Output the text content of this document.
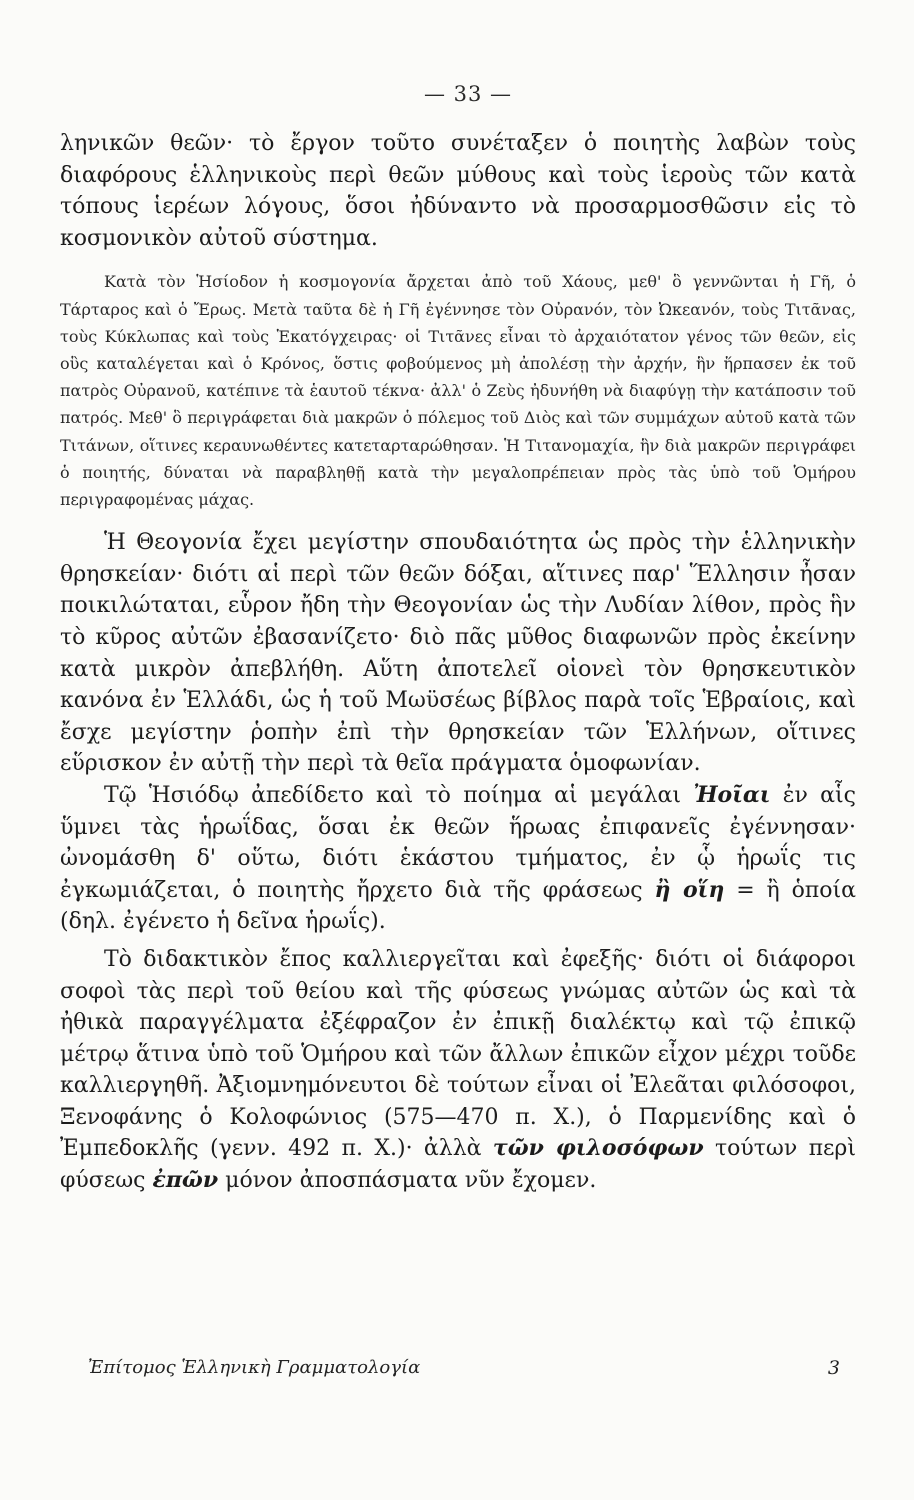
— 33 —

ληνικῶν θεῶν· τὸ ἔργον τοῦτο συνέταξεν ὁ ποιητὴς λαβὼν τοὺς διαφόρους ἑλληνικοὺς περὶ θεῶν μύθους καὶ τοὺς ἱεροὺς τῶν κατὰ τόπους ἱερέων λόγους, ὅσοι ἠδύναντο νὰ προσαρμοσθῶσιν εἰς τὸ κοσμονικὸν αὐτοῦ σύστημα.

Κατὰ τὸν Ἡσίοδον ἡ κοσμογονία ἄρχεται ἀπὸ τοῦ Χάους, μεθ' ὃ γεννῶνται ἡ Γῆ, ὁ Τάρταρος καὶ ὁ Ἔρως. Μετὰ ταῦτα δὲ ἡ Γῆ ἐγέννησε τὸν Οὐρανόν, τὸν Ὠκεανόν, τοὺς Τιτᾶνας, τοὺς Κύκλωπας καὶ τοὺς Ἑκατόγχειρας· οἱ Τιτᾶνες εἶναι τὸ ἀρχαιότατον γένος τῶν θεῶν, εἰς οὓς καταλέγεται καὶ ὁ Κρόνος, ὅστις φοβούμενος μὴ ἀπολέσῃ τὴν ἀρχήν, ἣν ἥρπασεν ἐκ τοῦ πατρὸς Οὐρανοῦ, κατέπινε τὰ ἑαυτοῦ τέκνα· ἀλλ' ὁ Ζεὺς ἠδυνήθη νὰ διαφύγῃ τὴν κατάποσιν τοῦ πατρός. Μεθ' ὃ περιγράφεται διὰ μακρῶν ὁ πόλεμος τοῦ Διὸς καὶ τῶν συμμάχων αὐτοῦ κατὰ τῶν Τιτάνων, οἵτινες κεραυνωθέντες κατεταρταρώθησαν. Ἡ Τιτανομαχία, ἣν διὰ μακρῶν περιγράφει ὁ ποιητής, δύναται νὰ παραβληθῇ κατὰ τὴν μεγαλοπρέπειαν πρὸς τὰς ὑπὸ τοῦ Ὁμήρου περιγραφομένας μάχας.

Ἡ Θεογονία ἔχει μεγίστην σπουδαιότητα ὡς πρὸς τὴν ἑλληνικὴν θρησκείαν· διότι αἱ περὶ τῶν θεῶν δόξαι, αἵτινες παρ' Ἕλλησιν ἦσαν ποικιλώταται, εὗρον ἤδη τὴν Θεογονίαν ὡς τὴν Λυδίαν λίθον, πρὸς ἣν τὸ κῦρος αὐτῶν ἐβασανίζετο· διὸ πᾶς μῦθος διαφωνῶν πρὸς ἐκείνην κατὰ μικρὸν ἀπεβλήθη. Αὕτη ἀποτελεῖ οἱονεὶ τὸν θρησκευτικὸν κανόνα ἐν Ἑλλάδι, ὡς ἡ τοῦ Μωϋσέως βίβλος παρὰ τοῖς Ἑβραίοις, καὶ ἔσχε μεγίστην ῥοπὴν ἐπὶ τὴν θρησκείαν τῶν Ἑλλήνων, οἵτινες εὕρισκον ἐν αὐτῇ τὴν περὶ τὰ θεῖα πράγματα ὁμοφωνίαν.

Τῷ Ἡσιόδῳ ἀπεδίδετο καὶ τὸ ποίημα αἱ μεγάλαι Ἠοῖαι ἐν αἷς ὕμνει τὰς ἡρωΐδας, ὅσαι ἐκ θεῶν ἥρωας ἐπιφανεῖς ἐγέννησαν· ὠνομάσθη δ' οὕτω, διότι ἑκάστου τμήματος, ἐν ᾧ ἡρωΐς τις ἐγκωμιάζεται, ὁ ποιητὴς ἤρχετο διὰ τῆς φράσεως ἢ οἵη = ἢ ὁποία (δηλ. ἐγένετο ἡ δεῖνα ἡρωΐς).

Τὸ διδακτικὸν ἔπος καλλιεργεῖται καὶ ἐφεξῆς· διότι οἱ διάφοροι σοφοὶ τὰς περὶ τοῦ θείου καὶ τῆς φύσεως γνώμας αὐτῶν ὡς καὶ τὰ ἠθικὰ παραγγέλματα ἐξέφραζον ἐν ἐπικῇ διαλέκτῳ καὶ τῷ ἐπικῷ μέτρῳ ἅτινα ὑπὸ τοῦ Ὁμήρου καὶ τῶν ἄλλων ἐπικῶν εἶχον μέχρι τοῦδε καλλιεργηθῆ. Ἀξιομνημόνευτοι δὲ τούτων εἶναι οἱ Ἐλεᾶται φιλόσοφοι, Ξενοφάνης ὁ Κολοφώνιος (575—470 π. Χ.), ὁ Παρμενίδης καὶ ὁ Ἐμπεδοκλῆς (γενν. 492 π. Χ.)· ἀλλὰ τῶν φιλοσόφων τούτων περὶ φύσεως ἐπῶν μόνον ἀποσπάσματα νῦν ἔχομεν.

Ἐπίτομος Ἑλληνικὴ Γραμματολογία	3
